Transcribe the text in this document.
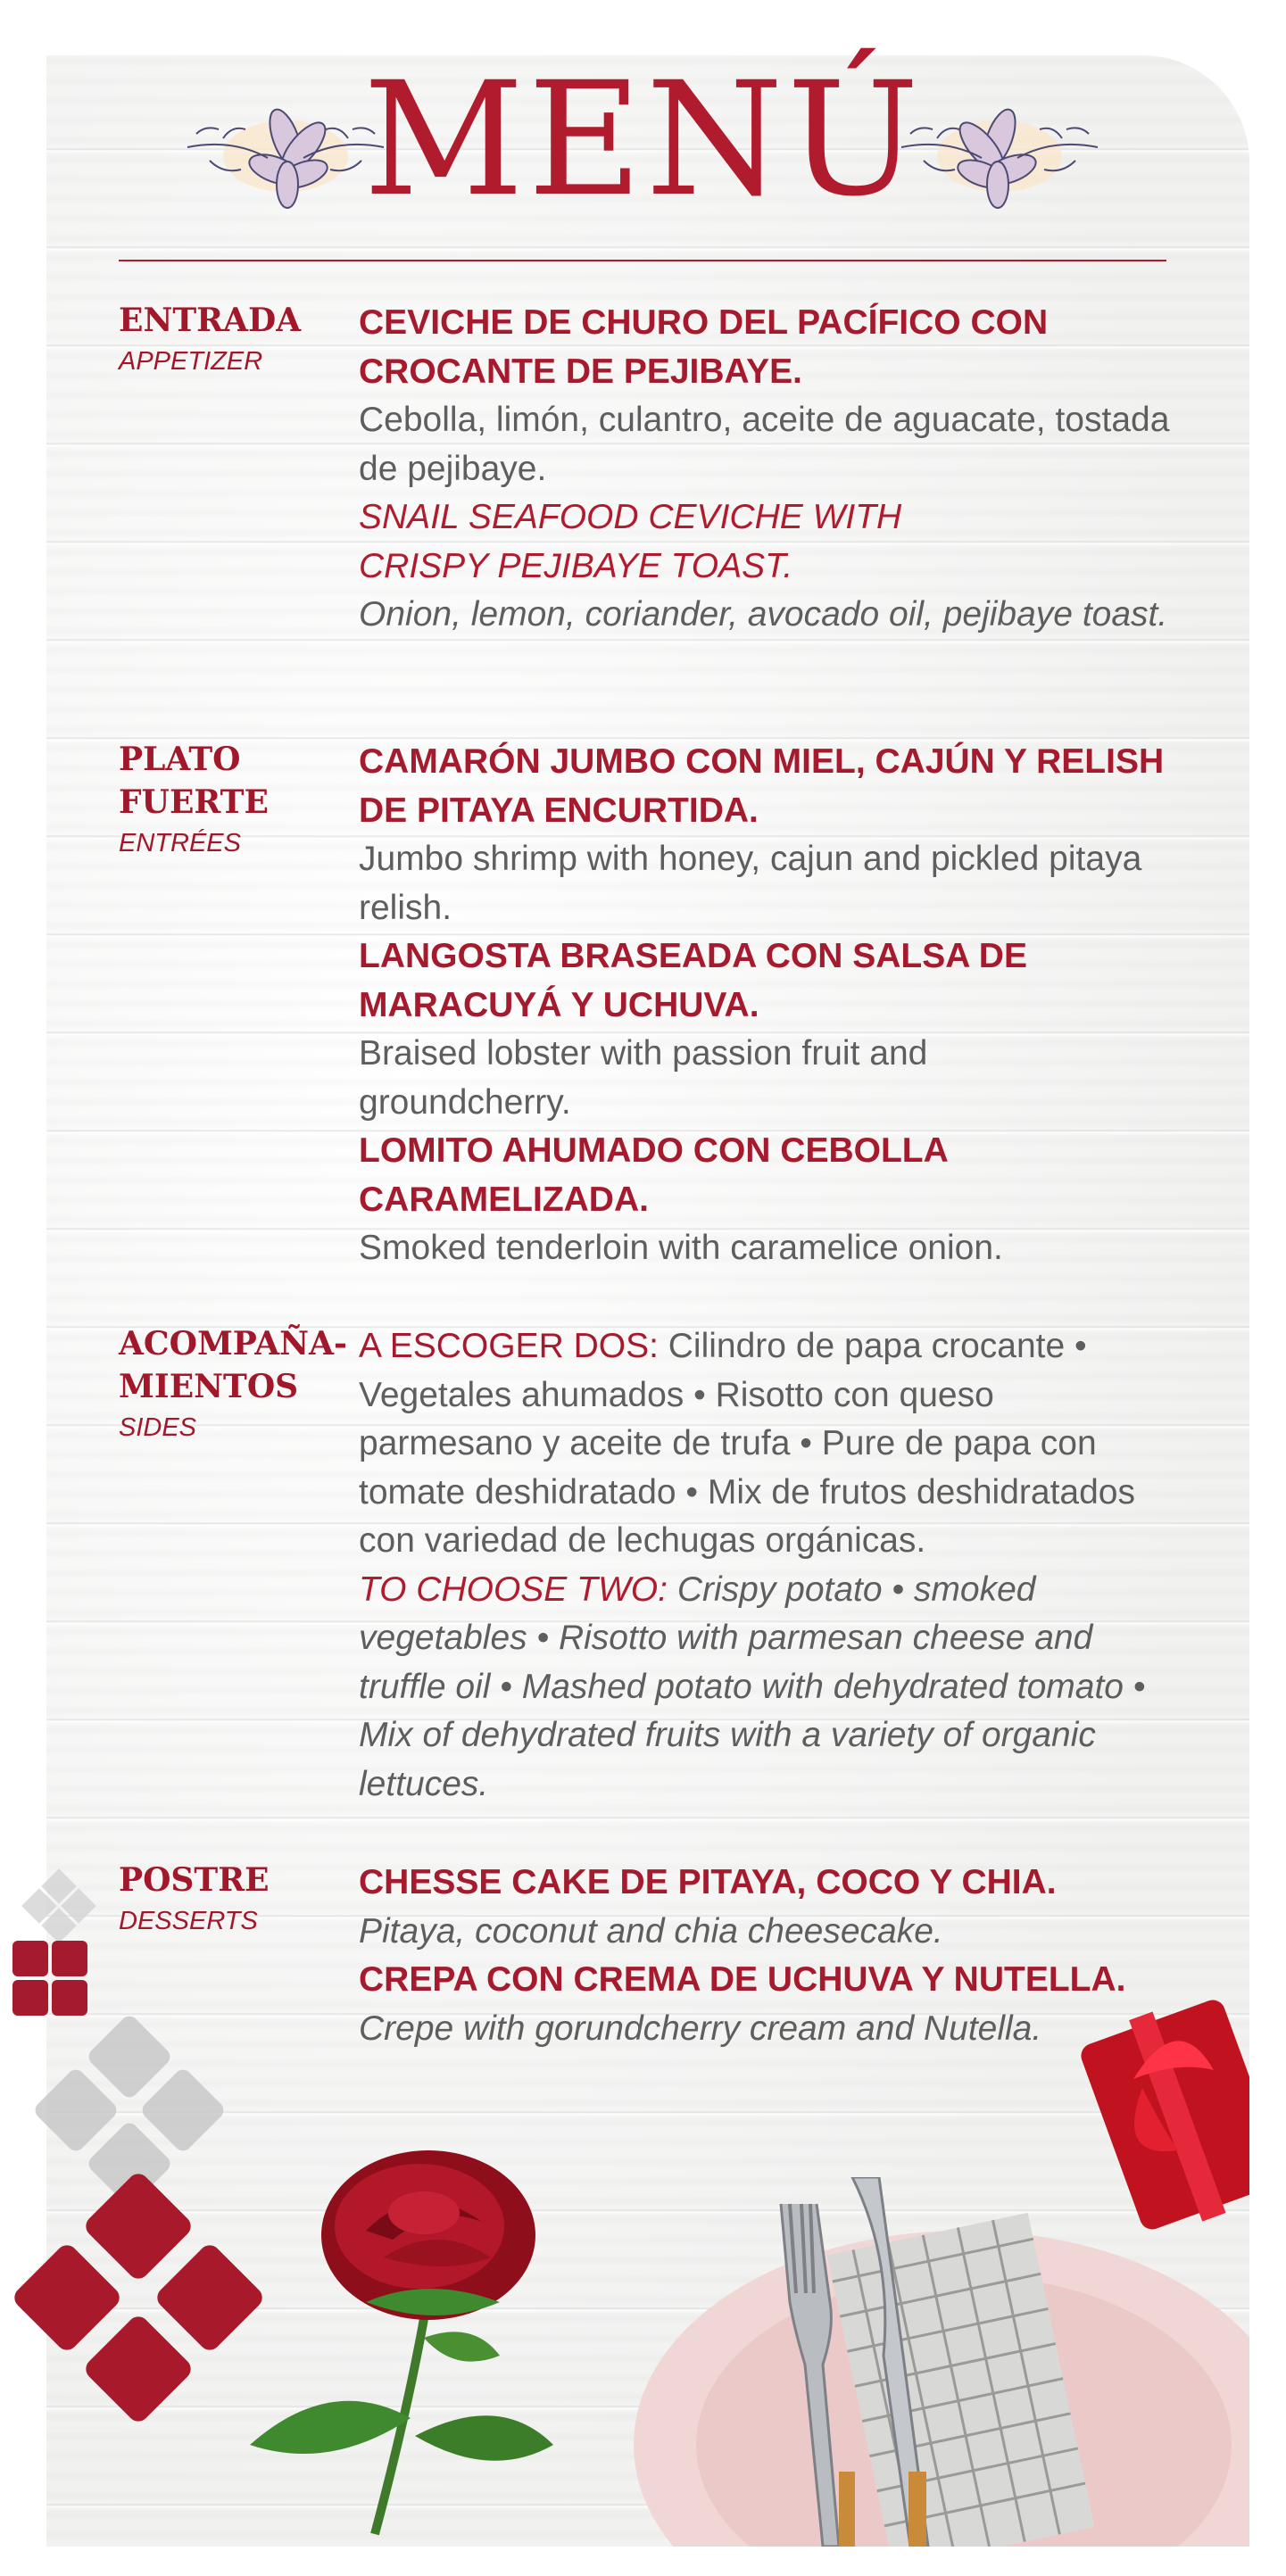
MENÚ
ENTRADA
APPETIZER

CEVICHE DE CHURO DEL PACÍFICO CON CROCANTE DE PEJIBAYE.

Cebolla, limón, culantro, aceite de aguacate, tostada de pejibaye.

SNAIL SEAFOOD CEVICHE WITH CRISPY PEJIBAYE TOAST.

Onion, lemon, coriander, avocado oil, pejibaye toast.

PLATO FUERTE
ENTRÉES

CAMARÓN JUMBO CON MIEL, CAJÚN Y RELISH DE PITAYA ENCURTIDA.

Jumbo shrimp with honey, cajun and pickled pitaya relish.

LANGOSTA BRASEADA CON SALSA DE MARACUYÁ Y UCHUVA.

Braised lobster with passion fruit and groundcherry.

LOMITO AHUMADO CON CEBOLLA CARAMELIZADA.

Smoked tenderloin with caramelice onion.

ACOMPAÑA-MIENTOS
SIDES

A ESCOGER DOS: Cilindro de papa crocante • Vegetales ahumados • Risotto con queso parmesano y aceite de trufa • Pure de papa con tomate deshidratado • Mix de frutos deshidratados con variedad de lechugas orgánicas.

TO CHOOSE TWO: Crispy potato • smoked vegetables • Risotto with parmesan cheese and truffle oil • Mashed potato with dehydrated tomato • Mix of dehydrated fruits with a variety of organic lettuces.

POSTRE
DESSERTS

CHESSE CAKE DE PITAYA, COCO Y CHIA.

Pitaya, coconut and chia cheesecake.

CREPA CON CREMA DE UCHUVA Y NUTELLA.

Crepe with gorundcherry cream and Nutella.
